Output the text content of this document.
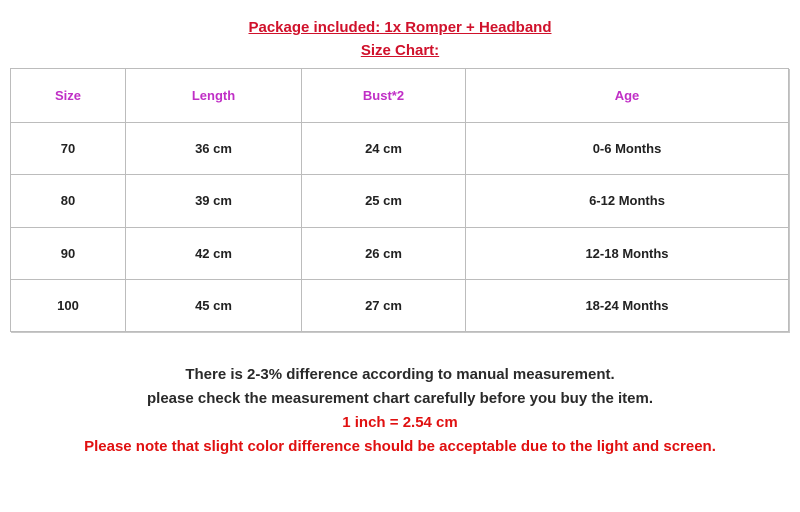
Package included: 1x Romper + Headband
Size Chart:
Size	Length	Bust*2	Age
70	36 cm	24 cm	0-6 Months
80	39 cm	25 cm	6-12 Months
90	42 cm	26 cm	12-18 Months
100	45 cm	27 cm	18-24 Months
There is 2-3% difference according to manual measurement.
please check the measurement chart carefully before you buy the item.
1 inch = 2.54 cm
Please note that slight color difference should be acceptable due to the light and screen.
